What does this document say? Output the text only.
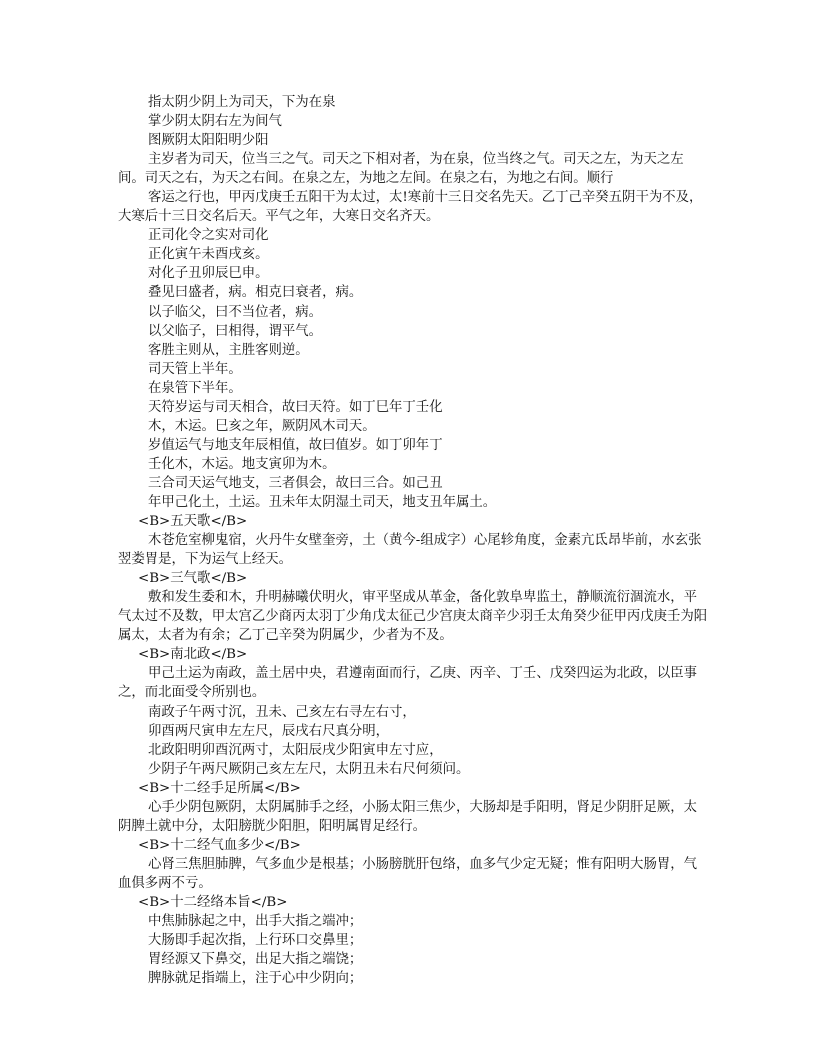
指太阴少阴上为司天，下为在泉

掌少阴太阴右左为间气

图厥阴太阳阳明少阳

主岁者为司天，位当三之气。司天之下相对者，为在泉，位当终之气。司天之左，为天之左间。司天之右，为天之右间。在泉之左，为地之左间。在泉之右，为地之右间。顺行

客运之行也，甲丙戊庚壬五阳干为太过，太!寒前十三日交名先天。乙丁己辛癸五阴干为不及，大寒后十三日交名后天。平气之年，大寒日交名齐天。

正司化令之实对司化

正化寅午未酉戌亥。

对化子丑卯辰巳申。

叠见曰盛者，病。相克曰衰者，病。

以子临父，曰不当位者，病。

以父临子，曰相得，谓平气。

客胜主则从，主胜客则逆。

司天管上半年。

在泉管下半年。

天符岁运与司天相合，故曰天符。如丁巳年丁壬化

木，木运。巳亥之年，厥阴风木司天。

岁值运气与地支年辰相值，故曰值岁。如丁卯年丁

壬化木，木运。地支寅卯为木。

三合司天运气地支，三者俱会，故曰三合。如己丑

年甲己化土，土运。丑未年太阴湿土司天，地支丑年属土。

<B>五天歌</B>

木苍危室柳鬼宿，火丹牛女壁奎旁，土（黄今-组成字）心尾轸角度，金素亢氐昂毕前，水玄张翌娄胃是，下为运气上经天。

<B>三气歌</B>

敷和发生委和木，升明赫曦伏明火，审平坚成从革金，备化敦阜卑监土，静顺流衍涸流水，平气太过不及数，甲太宫乙少商丙太羽丁少角戊太征己少宫庚太商辛少羽壬太角癸少征甲丙戊庚壬为阳属太，太者为有余；乙丁己辛癸为阴属少，少者为不及。

<B>南北政</B>

甲己土运为南政，盖土居中央，君遵南面而行，乙庚、丙辛、丁壬、戊癸四运为北政，以臣事之，而北面受令所别也。

南政子午两寸沉，丑未、己亥左右寻左右寸，

卯酉两尺寅申左左尺，辰戌右尺真分明，

北政阳明卯酉沉两寸，太阳辰戌少阳寅申左寸应，

少阴子午两尺厥阴己亥左左尺，太阴丑未右尺何须问。

<B>十二经手足所属</B>

心手少阴包厥阴，太阴属肺手之经，小肠太阳三焦少，大肠却是手阳明，肾足少阴肝足厥，太阴脾土就中分，太阳膀胱少阳胆，阳明属胃足经行。

<B>十二经气血多少</B>

心肾三焦胆肺脾，气多血少是根基；小肠膀胱肝包络，血多气少定无疑；惟有阳明大肠胃，气血俱多两不亏。

<B>十二经络本旨</B>

中焦肺脉起之中，出手大指之端冲；

大肠即手起次指，上行环口交鼻里；

胃经源又下鼻交，出足大指之端饶；

脾脉就足指端上，注于心中少阴向；
